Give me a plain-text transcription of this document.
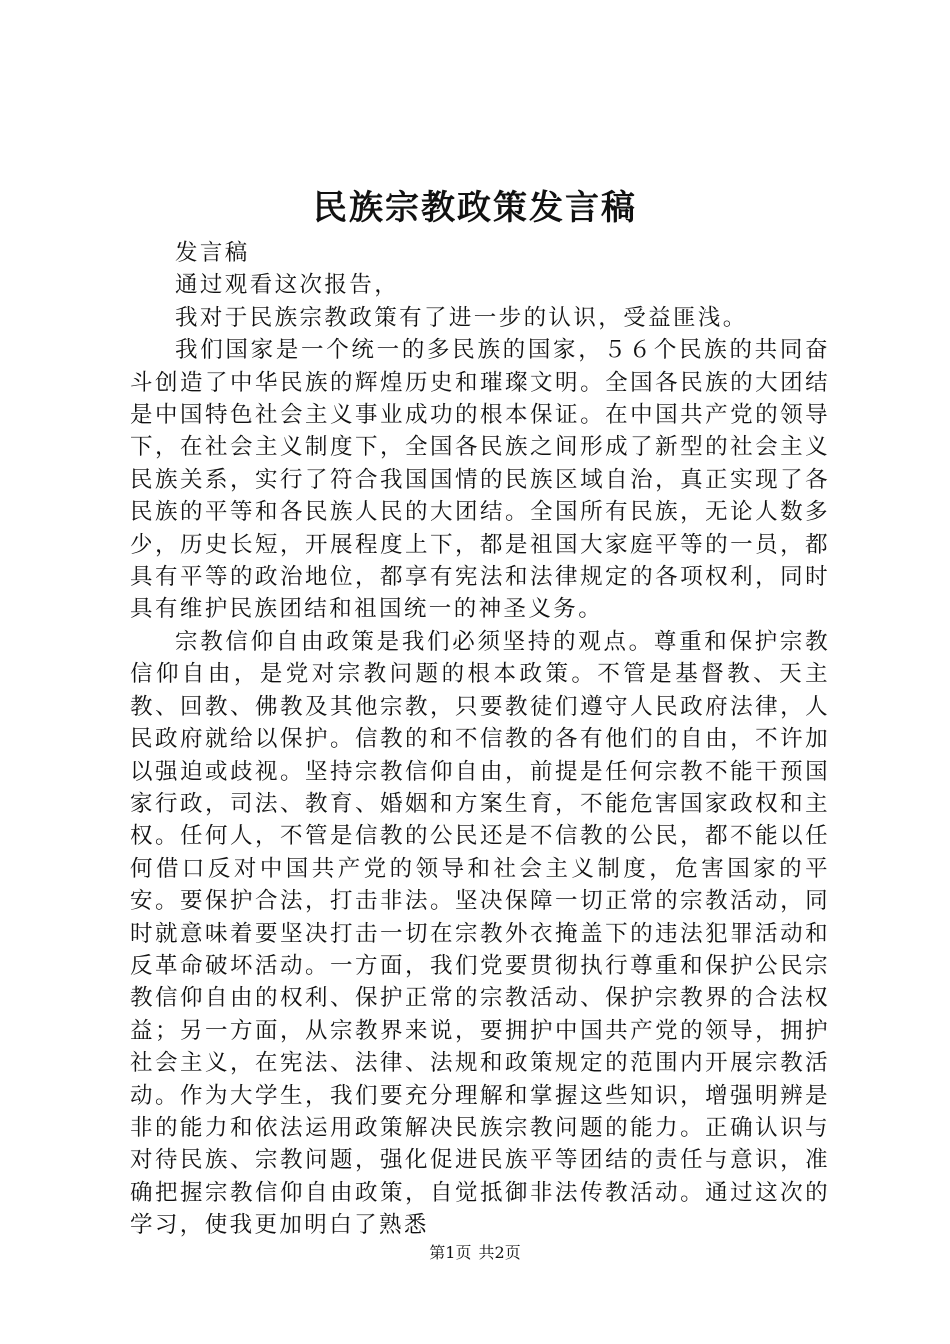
民族宗教政策发言稿

发言稿

通过观看这次报告，

我对于民族宗教政策有了进一步的认识，受益匪浅。

我们国家是一个统一的多民族的国家，５６个民族的共同奋斗创造了中华民族的辉煌历史和璀璨文明。全国各民族的大团结是中国特色社会主义事业成功的根本保证。在中国共产党的领导下，在社会主义制度下，全国各民族之间形成了新型的社会主义民族关系，实行了符合我国国情的民族区域自治，真正实现了各民族的平等和各民族人民的大团结。全国所有民族，无论人数多少，历史长短，开展程度上下，都是祖国大家庭平等的一员，都具有平等的政治地位，都享有宪法和法律规定的各项权利，同时具有维护民族团结和祖国统一的神圣义务。

宗教信仰自由政策是我们必须坚持的观点。尊重和保护宗教信仰自由，是党对宗教问题的根本政策。不管是基督教、天主教、回教、佛教及其他宗教，只要教徒们遵守人民政府法律，人民政府就给以保护。信教的和不信教的各有他们的自由，不许加以强迫或歧视。坚持宗教信仰自由，前提是任何宗教不能干预国家行政，司法、教育、婚姻和方案生育，不能危害国家政权和主权。任何人，不管是信教的公民还是不信教的公民，都不能以任何借口反对中国共产党的领导和社会主义制度，危害国家的平安。要保护合法，打击非法。坚决保障一切正常的宗教活动，同时就意味着要坚决打击一切在宗教外衣掩盖下的违法犯罪活动和反革命破坏活动。一方面，我们党要贯彻执行尊重和保护公民宗教信仰自由的权利、保护正常的宗教活动、保护宗教界的合法权益；另一方面，从宗教界来说，要拥护中国共产党的领导，拥护社会主义，在宪法、法律、法规和政策规定的范围内开展宗教活动。作为大学生，我们要充分理解和掌握这些知识，增强明辨是非的能力和依法运用政策解决民族宗教问题的能力。正确认识与对待民族、宗教问题，强化促进民族平等团结的责任与意识，准确把握宗教信仰自由政策，自觉抵御非法传教活动。通过这次的学习，使我更加明白了熟悉

第1页 共2页
